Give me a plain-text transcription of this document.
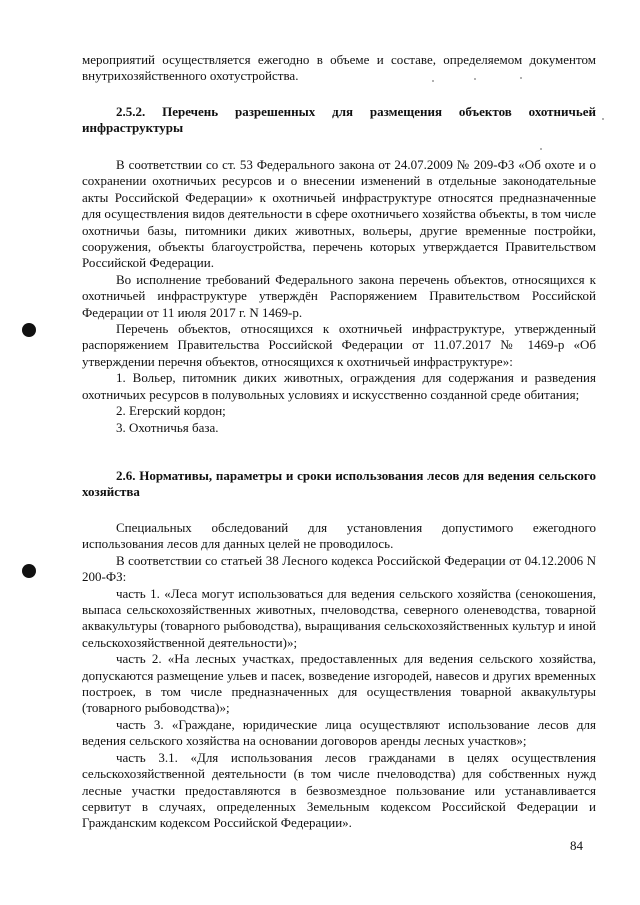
мероприятий осуществляется ежегодно в объеме и составе, определяемом документом внутрихозяйственного охотустройства.

2.5.2. Перечень разрешенных для размещения объектов охотничьей инфраструктуры

В соответствии со ст. 53 Федерального закона от 24.07.2009 № 209-ФЗ «Об охоте и о сохранении охотничьих ресурсов и о внесении изменений в отдельные законодательные акты Российской Федерации» к охотничьей инфраструктуре относятся предназначенные для осуществления видов деятельности в сфере охотничьего хозяйства объекты, в том числе охотничьи базы, питомники диких животных, вольеры, другие временные постройки, сооружения, объекты благоустройства, перечень которых утверждается Правительством Российской Федерации.

Во исполнение требований Федерального закона перечень объектов, относящихся к охотничьей инфраструктуре утверждён Распоряжением Правительством Российской Федерации от 11 июля 2017 г. N 1469-р.

Перечень объектов, относящихся к охотничьей инфраструктуре, утвержденный распоряжением Правительства Российской Федерации от 11.07.2017 № 1469-р «Об утверждении перечня объектов, относящихся к охотничьей инфраструктуре»:

1. Вольер, питомник диких животных, ограждения для содержания и разведения охотничьих ресурсов в полувольных условиях и искусственно созданной среде обитания;

2. Егерский кордон;

3. Охотничья база.

2.6. Нормативы, параметры и сроки использования лесов для ведения сельского хозяйства

Специальных обследований для установления допустимого ежегодного использования лесов для данных целей не проводилось.

В соответствии со статьей 38 Лесного кодекса Российской Федерации от 04.12.2006 N 200-ФЗ:

часть 1. «Леса могут использоваться для ведения сельского хозяйства (сенокошения, выпаса сельскохозяйственных животных, пчеловодства, северного оленеводства, товарной аквакультуры (товарного рыбоводства), выращивания сельскохозяйственных культур и иной сельскохозяйственной деятельности)»;

часть 2. «На лесных участках, предоставленных для ведения сельского хозяйства, допускаются размещение ульев и пасек, возведение изгородей, навесов и других временных построек, в том числе предназначенных для осуществления товарной аквакультуры (товарного рыбоводства)»;

часть 3. «Граждане, юридические лица осуществляют использование лесов для ведения сельского хозяйства на основании договоров аренды лесных участков»;

часть 3.1. «Для использования лесов гражданами в целях осуществления сельскохозяйственной деятельности (в том числе пчеловодства) для собственных нужд лесные участки предоставляются в безвозмездное пользование или устанавливается сервитут в случаях, определенных Земельным кодексом Российской Федерации и Гражданским кодексом Российской Федерации».

84
